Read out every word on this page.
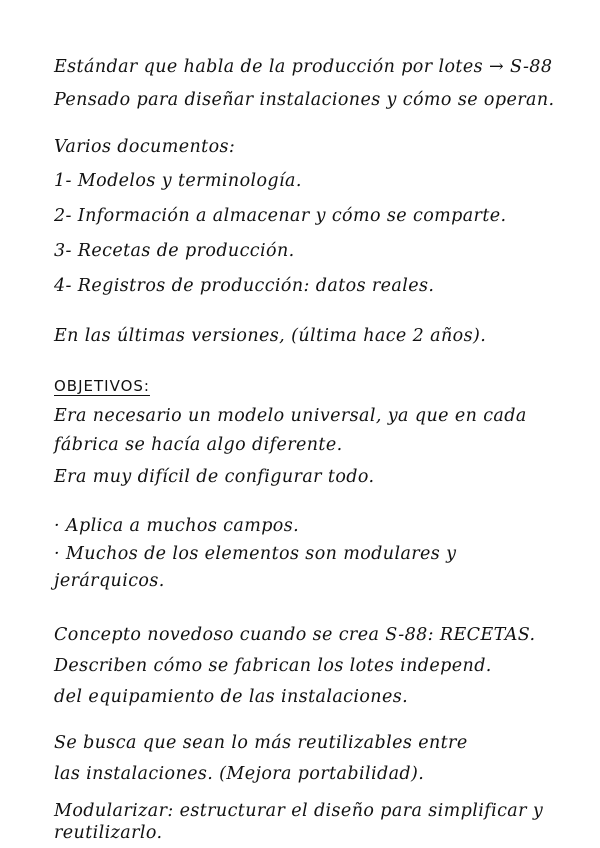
Estándar que habla de la producción por lotes → S-88
Pensado para diseñar instalaciones y cómo se operan.
Varios documentos:
1- Modelos y terminología.
2- Información a almacenar y cómo se comparte.
3- Recetas de producción.
4- Registros de producción: datos reales.
En las últimas versiones, (última hace 2 años).
OBJETIVOS:
Era necesario un modelo universal, ya que en cada
fábrica se hacía algo diferente.
Era muy difícil de configurar todo.
· Aplica a muchos campos.
· Muchos de los elementos son modulares y
jerárquicos.
Concepto novedoso cuando se crea S-88: RECETAS.
Describen cómo se fabrican los lotes independ.
del equipamiento de las instalaciones.
Se busca que sean lo más reutilizables entre
las instalaciones. (Mejora portabilidad).
Modularizar: estructurar el diseño para simplificar y
reutilizarlo.
